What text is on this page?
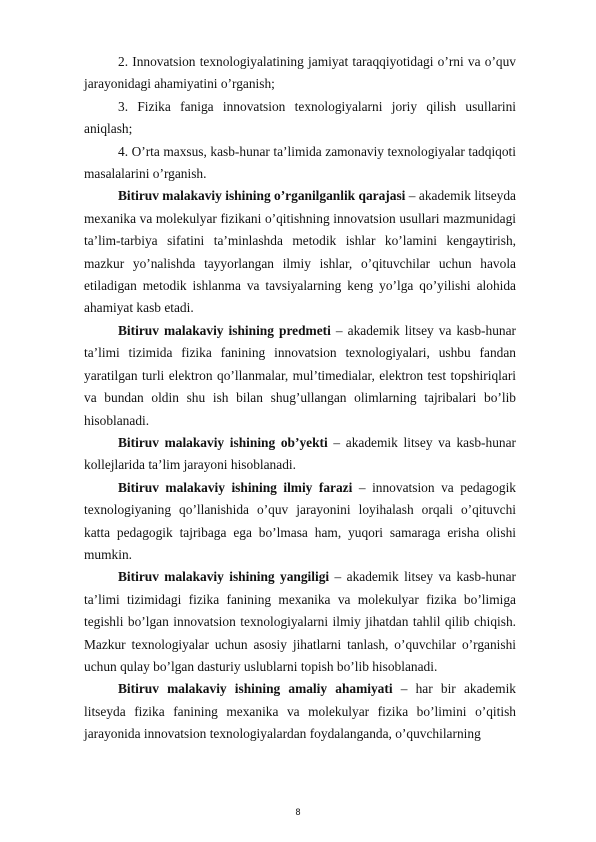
2. Innovatsion texnologiyalatining jamiyat taraqqiyotidagi o’rni va o’quv jarayonidagi ahamiyatini o’rganish;

3. Fizika faniga innovatsion texnologiyalarni joriy qilish usullarini aniqlash;

4. O’rta maxsus, kasb-hunar ta’limida zamonaviy texnologiyalar tadqiqoti masalalarini o’rganish.

Bitiruv malakaviy ishining o’rganilganlik qarajasi – akademik litseyda mexanika va molekulyar fizikani o’qitishning innovatsion usullari mazmunidagi ta’lim-tarbiya sifatini ta’minlashda metodik ishlar ko’lamini kengaytirish, mazkur yo’nalishda tayyorlangan ilmiy ishlar, o’qituvchilar uchun havola etiladigan metodik ishlanma va tavsiyalarning keng yo’lga qo’yilishi alohida ahamiyat kasb etadi.

Bitiruv malakaviy ishining predmeti – akademik litsey va kasb-hunar ta’limi tizimida fizika fanining innovatsion texnologiyalari, ushbu fandan yaratilgan turli elektron qo’llanmalar, mul’timedialar, elektron test topshiriqlari va bundan oldin shu ish bilan shug’ullangan olimlarning tajribalari bo’lib hisoblanadi.

Bitiruv malakaviy ishining ob’yekti – akademik litsey va kasb-hunar kollejlarida ta’lim jarayoni hisoblanadi.

Bitiruv malakaviy ishining ilmiy farazi – innovatsion va pedagogik texnologiyaning qo’llanishida o’quv jarayonini loyihalash orqali o’qituvchi katta pedagogik tajribaga ega bo’lmasa ham, yuqori samaraga erisha olishi mumkin.

Bitiruv malakaviy ishining yangiligi – akademik litsey va kasb-hunar ta’limi tizimidagi fizika fanining mexanika va molekulyar fizika bo’limiga tegishli bo’lgan innovatsion texnologiyalarni ilmiy jihatdan tahlil qilib chiqish. Mazkur texnologiyalar uchun asosiy jihatlarni tanlash, o’quvchilar o’rganishi uchun qulay bo’lgan dasturiy uslublarni topish bo’lib hisoblanadi.

Bitiruv malakaviy ishining amaliy ahamiyati – har bir akademik litseyda fizika fanining mexanika va molekulyar fizika bo’limini o’qitish jarayonida innovatsion texnologiyalardan foydalanganda, o’quvchilarning

8
